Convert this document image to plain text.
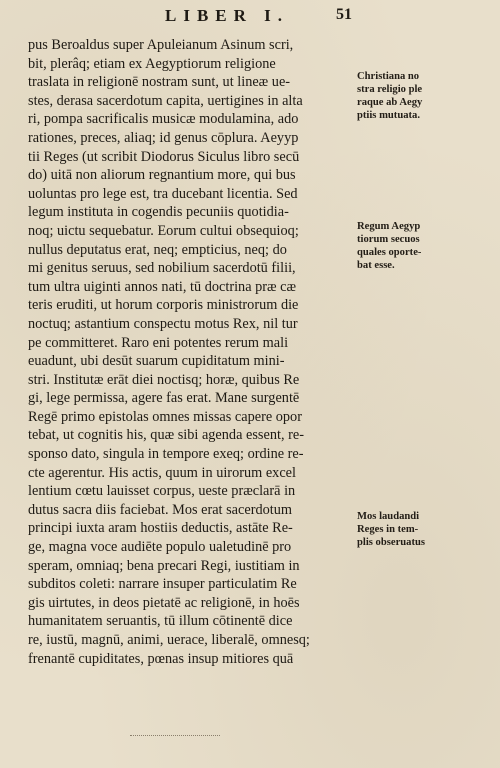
LIBER I.	51
pus Beroaldus super Apuleianum Asinum scri,
bit, plerâq; etiam ex Aegyptiorum religione
traslata in religionē nostram sunt, ut lineæ ue-
stes, derasa sacerdotum capita, uertigines in alta
ri, pompa sacrificalis musicæ modulamina, ado
rationes, preces, aliaq; id genus cōplura. Aeyyp
tii Reges (ut scribit Diodorus Siculus libro secū
do) uitā non aliorum regnantium more, qui bus
uoluntas pro lege est, tra ducebant licentia. Sed
legum instituta in cogendis pecuniis quotidia-
noq; uictu sequebatur. Eorum cultui obsequioq;
nullus deputatus erat, neq; empticius, neq; do
mi genitus seruus, sed nobilium sacerdotū filii,
tum ultra uiginti annos nati, tū doctrina præ cæ
teris eruditi, ut horum corporis ministrorum die
noctuq; astantium conspectu motus Rex, nil tur
pe committeret. Raro eni potentes rerum mali
euadunt, ubi desūt suarum cupiditatum mini-
stri. Institutæ erāt diei noctisq; horæ, quibus Re
gi, lege permissa, agere fas erat. Mane surgentē
Regē primo epistolas omnes missas capere opor
tebat, ut cognitis his, quæ sibi agenda essent, re-
sponso dato, singula in tempore exeq; ordine re-
cte agerentur. His actis, quum in uirorum excel
lentium cœtu lauisset corpus, ueste præclarā in
dutus sacra diis faciebat. Mos erat sacerdotum
principi iuxta aram hostiis deductis, astāte Re-
ge, magna voce audiēte populo ualetudinē pro
speram, omniaq; bena precari Regi, iustitiam in
subditos coleti: narrare insuper particulatim Re
gis uirtutes, in deos pietatē ac religionē, in hoēs
humanitatem seruantis, tū illum cōtinentē dice
re, iustū, magnū, animi, uerace, liberalē, omnesq;
frenantē cupiditates, pœnas insup mitiores quā
Christiana no
stra religio ple
raque ab Aegy
ptiis mutuata.
Regum Aegyp
tiorum secuos
quales oporte-
bat esse.
Mos laudandi
Reges in tem-
plis obseruatus
